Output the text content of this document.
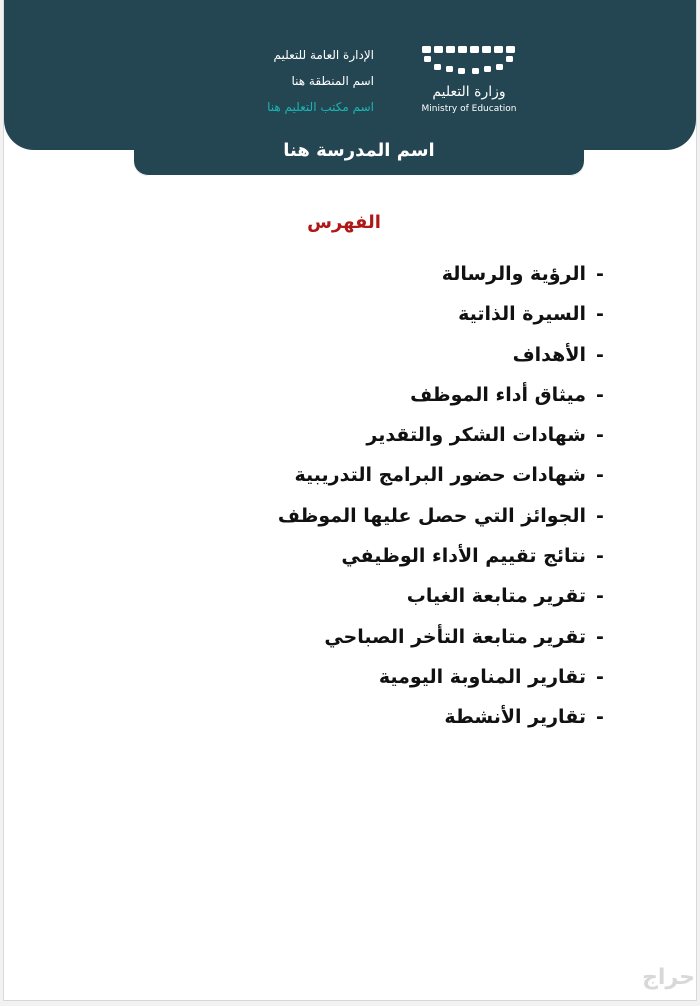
وزارة التعليم
Ministry of Education
الإدارة العامة للتعليم
اسم المنطقة هنا
اسم مكتب التعليم هنا
اسم المدرسة هنا
الفهرس
-الرؤية والرسالة
-السيرة الذاتية
-الأهداف
-ميثاق أداء الموظف
-شهادات الشكر والتقدير
-شهادات حضور البرامج التدريبية
-الجوائز التي حصل عليها الموظف
-نتائج تقييم الأداء الوظيفي
-تقرير متابعة الغياب
-تقرير متابعة التأخر الصباحي
-تقارير المناوبة اليومية
-تقارير الأنشطة
حراج
